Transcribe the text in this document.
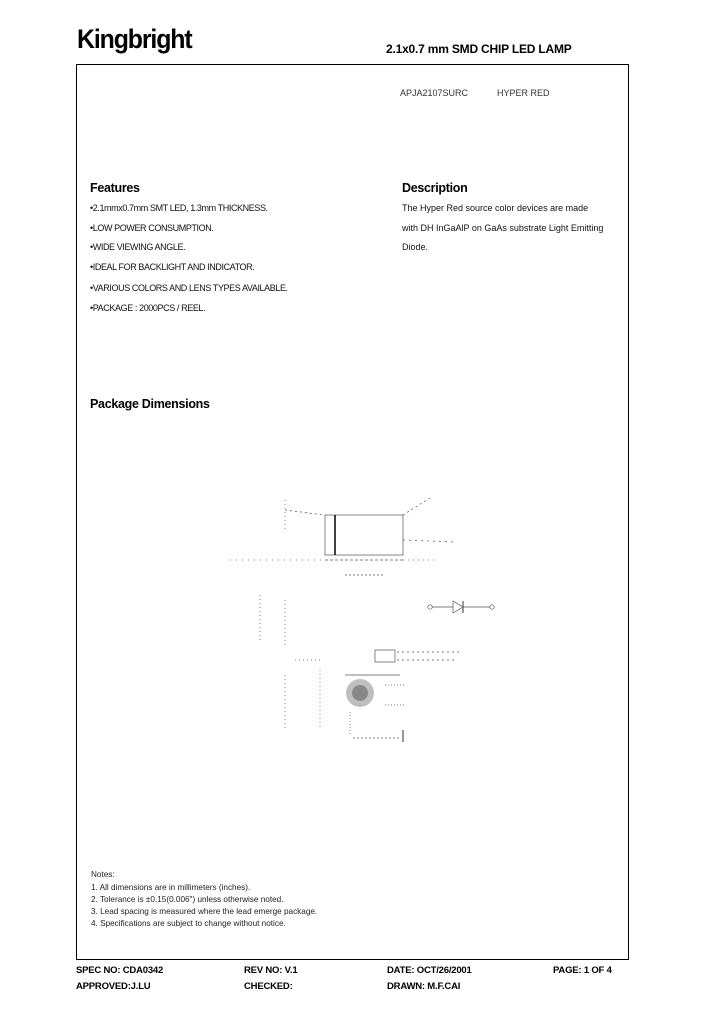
Kingbright	2.1x0.7 mm SMD CHIP LED LAMP
APJA2107SURC	HYPER RED
Features
•2.1mmx0.7mm SMT LED, 1.3mm THICKNESS.
•LOW POWER CONSUMPTION.
•WIDE VIEWING ANGLE.
•IDEAL FOR BACKLIGHT AND INDICATOR.
•VARIOUS COLORS AND LENS TYPES AVAILABLE.
•PACKAGE : 2000PCS / REEL.
Description
The Hyper Red source color devices are made
with DH InGaAlP on GaAs substrate Light Emitting
Diode.
Package Dimensions
Notes:
1. All dimensions are in millimeters (inches).
2. Tolerance is ±0.15(0.006") unless otherwise noted.
3. Lead spacing is measured where the lead emerge package.
4. Specifications are subject to change without notice.
SPEC NO: CDA0342	REV NO: V.1	DATE: OCT/26/2001	PAGE: 1 OF 4
APPROVED:J.LU	CHECKED:	DRAWN: M.F.CAI
